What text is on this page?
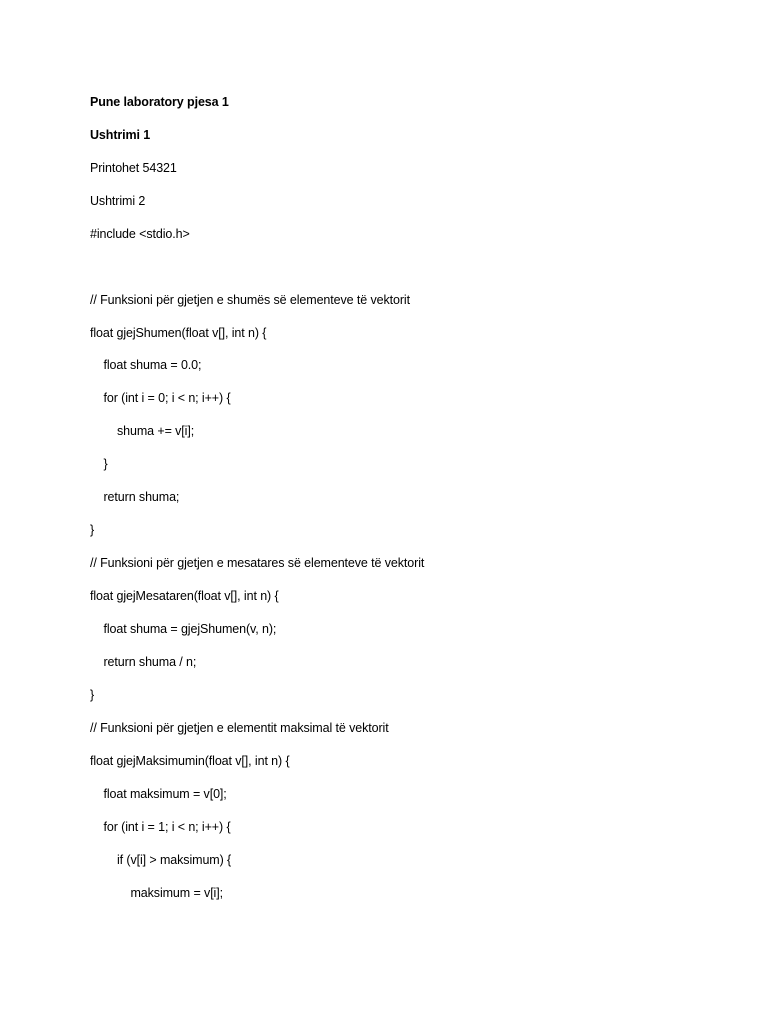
Pune laboratory pjesa 1
Ushtrimi 1
Printohet 54321
Ushtrimi 2
#include <stdio.h>
// Funksioni për gjetjen e shumës së elementeve të vektorit
float gjejShumen(float v[], int n) {
float shuma = 0.0;
for (int i = 0; i < n; i++) {
shuma += v[i];
}
return shuma;
}
// Funksioni për gjetjen e mesatares së elementeve të vektorit
float gjejMesataren(float v[], int n) {
float shuma = gjejShumen(v, n);
return shuma / n;
}
// Funksioni për gjetjen e elementit maksimal të vektorit
float gjejMaksimumin(float v[], int n) {
float maksimum = v[0];
for (int i = 1; i < n; i++) {
if (v[i] > maksimum) {
maksimum = v[i];
